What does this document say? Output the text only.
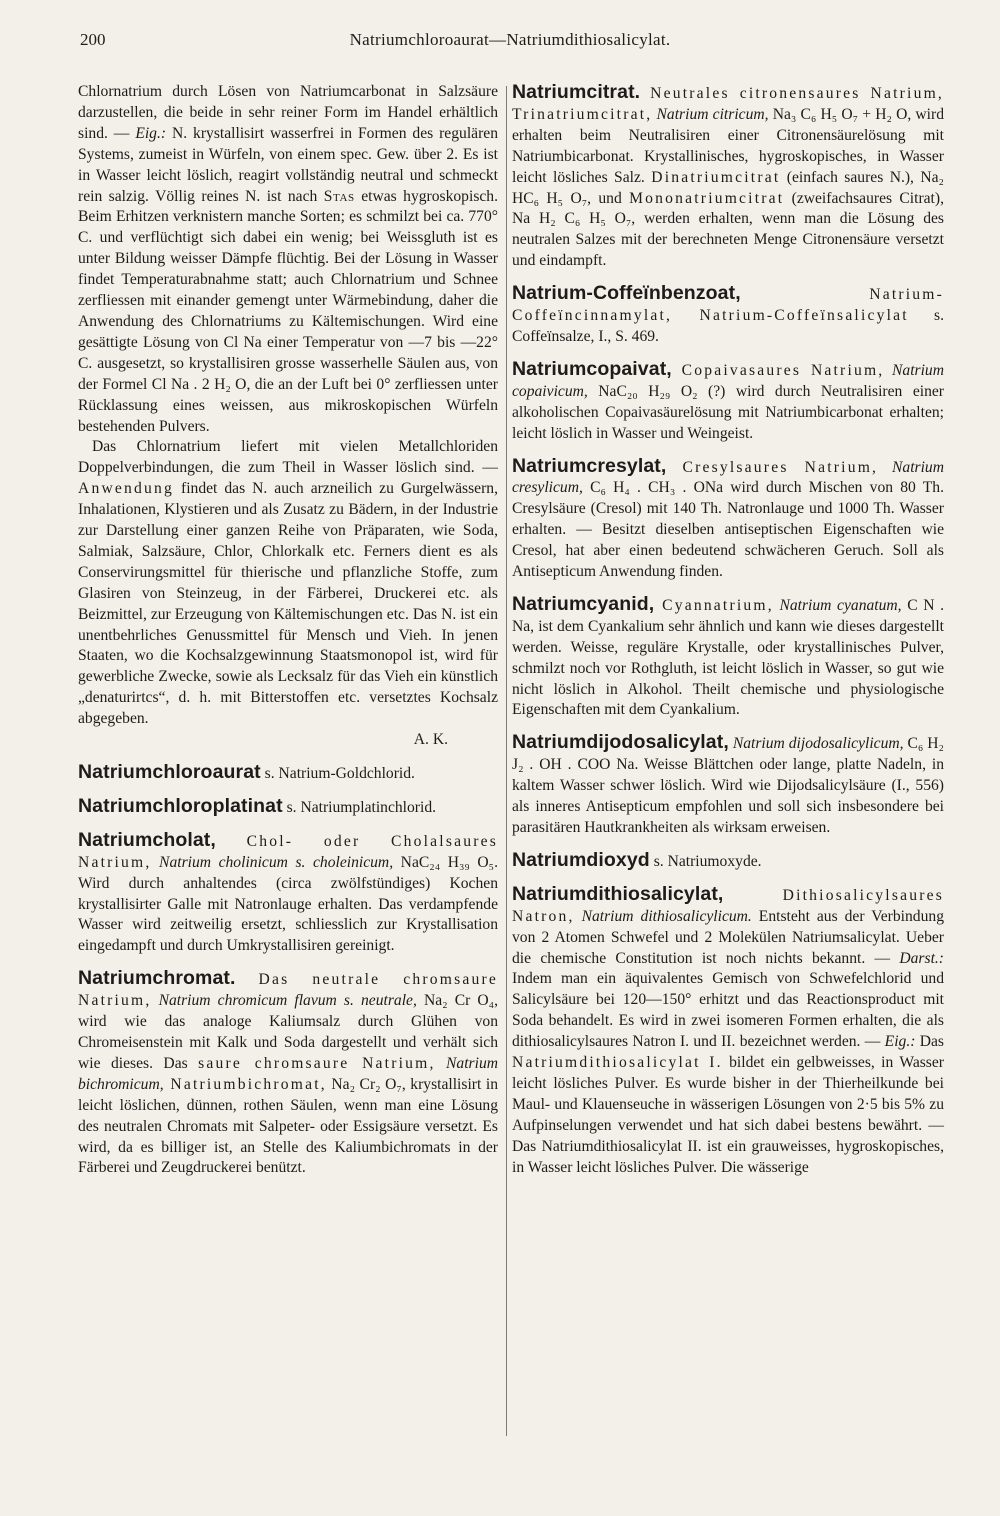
200	Natriumchloroaurat—Natriumdithiosalicylat.

Chlornatrium durch Lösen von Natriumcarbonat in Salzsäure darzustellen, die beide in sehr reiner Form im Handel erhältlich sind. — Eig.: N. krystallisirt wasserfrei in Formen des regulären Systems, zumeist in Würfeln, von einem spec. Gew. über 2. Es ist in Wasser leicht löslich, reagirt vollständig neutral und schmeckt rein salzig. Völlig reines N. ist nach Stas etwas hygroskopisch. Beim Erhitzen verknistern manche Sorten; es schmilzt bei ca. 770° C. und verflüchtigt sich dabei ein wenig; bei Weissgluth ist es unter Bildung weisser Dämpfe flüchtig. Bei der Lösung in Wasser findet Temperaturabnahme statt; auch Chlornatrium und Schnee zerfliessen mit einander gemengt unter Wärmebindung, daher die Anwendung des Chlornatriums zu Kältemischungen. Wird eine gesättigte Lösung von Cl Na einer Temperatur von —7 bis —22° C. ausgesetzt, so krystallisiren grosse wasserhelle Säulen aus, von der Formel Cl Na . 2 H₂ O, die an der Luft bei 0° zerfliessen unter Rücklassung eines weissen, aus mikroskopischen Würfeln bestehenden Pulvers.

Das Chlornatrium liefert mit vielen Metallchloriden Doppelverbindungen, die zum Theil in Wasser löslich sind. — Anwendung findet das N. auch arzneilich zu Gurgelwässern, Inhalationen, Klystieren und als Zusatz zu Bädern, in der Industrie zur Darstellung einer ganzen Reihe von Präparaten, wie Soda, Salmiak, Salzsäure, Chlor, Chlorkalk etc. Ferners dient es als Conservirungsmittel für thierische und pflanzliche Stoffe, zum Glasiren von Steinzeug, in der Färberei, Druckerei etc. als Beizmittel, zur Erzeugung von Kältemischungen etc. Das N. ist ein unentbehrliches Genussmittel für Mensch und Vieh. In jenen Staaten, wo die Kochsalzgewinnung Staatsmonopol ist, wird für gewerbliche Zwecke, sowie als Lecksalz für das Vieh ein künstlich „denaturirtcs“, d. h. mit Bitterstoffen etc. versetztes Kochsalz abgegeben.

A. K.

Natriumchloroaurat s. Natrium-Goldchlorid.

Natriumchloroplatinat s. Natriumplatinchlorid.

Natriumcholat, Chol- oder Cholalsaures Natrium, Natrium cholinicum s. choleinicum, NaC₂₄ H₃₉ O₅. Wird durch anhaltendes (circa zwölfstündiges) Kochen krystallisirter Galle mit Natronlauge erhalten. Das verdampfende Wasser wird zeitweilig ersetzt, schliesslich zur Krystallisation eingedampft und durch Umkrystallisiren gereinigt.

Natriumchromat. Das neutrale chromsaure Natrium, Natrium chromicum flavum s. neutrale, Na₂ Cr O₄, wird wie das analoge Kaliumsalz durch Glühen von Chromeisenstein mit Kalk und Soda dargestellt und verhält sich wie dieses. Das saure chromsaure Natrium, Natrium bichromicum, Natriumbichromat, Na₂ Cr₂ O₇, krystallisirt in leicht löslichen, dünnen, rothen Säulen, wenn man eine Lösung des neutralen Chromats mit Salpeter- oder Essigsäure versetzt. Es wird, da es billiger ist, an Stelle des Kaliumbichromats in der Färberei und Zeugdruckerei benützt.

Natriumcitrat. Neutrales citronensaures Natrium, Trinatriumcitrat, Natrium citricum, Na₃ C₆ H₅ O₇ + H₂ O, wird erhalten beim Neutralisiren einer Citronensäurelösung mit Natriumbicarbonat. Krystallinisches, hygroskopisches, in Wasser leicht lösliches Salz. Dinatriumcitrat (einfach saures N.), Na₂ HC₆ H₅ O₇, und Mononatriumcitrat (zweifachsaures Citrat), Na H₂ C₆ H₅ O₇, werden erhalten, wenn man die Lösung des neutralen Salzes mit der berechneten Menge Citronensäure versetzt und eindampft.

Natrium-Coffeïnbenzoat, Natrium-Coffeïncinnamylat, Natrium-Coffeïnsalicylat s. Coffeïnsalze, I., S. 469.

Natriumcopaivat, Copaivasaures Natrium, Natrium copaivicum, NaC₂₀ H₂₉ O₂ (?) wird durch Neutralisiren einer alkoholischen Copaivasäurelösung mit Natriumbicarbonat erhalten; leicht löslich in Wasser und Weingeist.

Natriumcresylat, Cresylsaures Natrium, Natrium cresylicum, C₆ H₄ . CH₃ . ONa wird durch Mischen von 80 Th. Cresylsäure (Cresol) mit 140 Th. Natronlauge und 1000 Th. Wasser erhalten. — Besitzt dieselben antiseptischen Eigenschaften wie Cresol, hat aber einen bedeutend schwächeren Geruch. Soll als Antisepticum Anwendung finden.

Natriumcyanid, Cyannatrium, Natrium cyanatum, C N . Na, ist dem Cyankalium sehr ähnlich und kann wie dieses dargestellt werden. Weisse, reguläre Krystalle, oder krystallinisches Pulver, schmilzt noch vor Rothgluth, ist leicht löslich in Wasser, so gut wie nicht löslich in Alkohol. Theilt chemische und physiologische Eigenschaften mit dem Cyankalium.

Natriumdijodosalicylat, Natrium dijodosalicylicum, C₆ H₂ J₂ . OH . COO Na. Weisse Blättchen oder lange, platte Nadeln, in kaltem Wasser schwer löslich. Wird wie Dijodsalicylsäure (I., 556) als inneres Antisepticum empfohlen und soll sich insbesondere bei parasitären Hautkrankheiten als wirksam erweisen.

Natriumdioxyd s. Natriumoxyde.

Natriumdithiosalicylat, Dithiosalicylsaures Natron, Natrium dithiosalicylicum. Entsteht aus der Verbindung von 2 Atomen Schwefel und 2 Molekülen Natriumsalicylat. Ueber die chemische Constitution ist noch nichts bekannt. — Darst.: Indem man ein äquivalentes Gemisch von Schwefelchlorid und Salicylsäure bei 120—150° erhitzt und das Reactionsproduct mit Soda behandelt. Es wird in zwei isomeren Formen erhalten, die als dithiosalicylsaures Natron I. und II. bezeichnet werden. — Eig.: Das Natriumdithiosalicylat I. bildet ein gelbweisses, in Wasser leicht lösliches Pulver. Es wurde bisher in der Thierheilkunde bei Maul- und Klauenseuche in wässerigen Lösungen von 2·5 bis 5% zu Aufpinselungen verwendet und hat sich dabei bestens bewährt. — Das Natriumdithiosalicylat II. ist ein grauweisses, hygroskopisches, in Wasser leicht lösliches Pulver. Die wässerige
